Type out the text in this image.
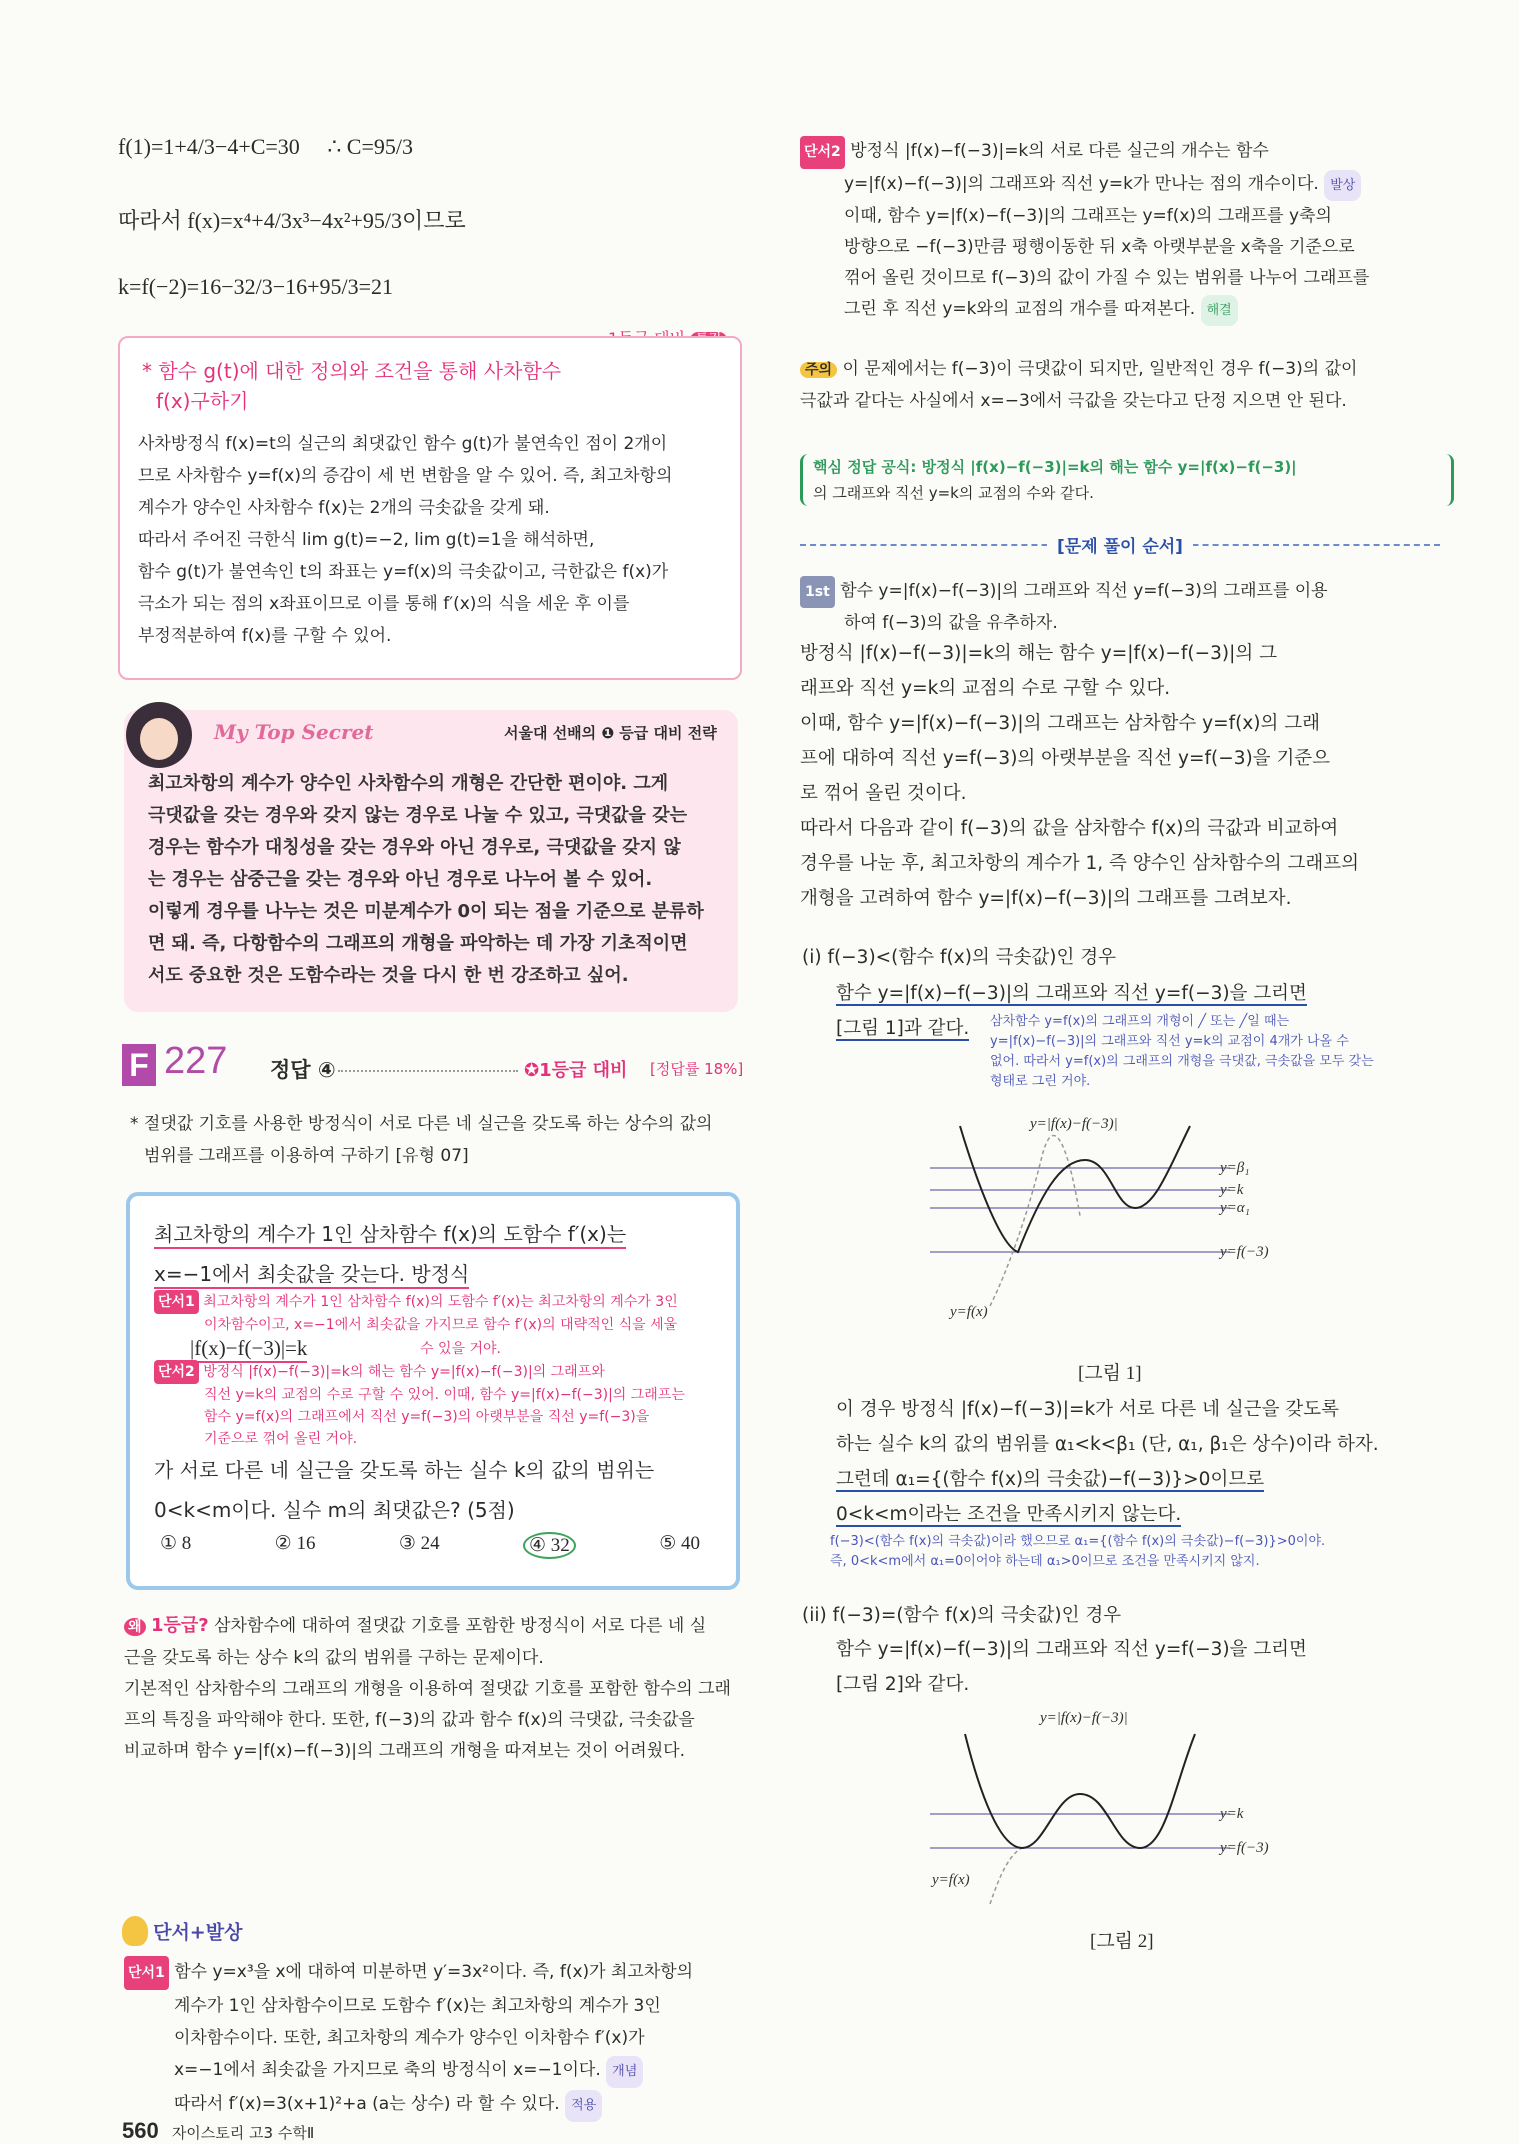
f(1)=1+4/3−4+C=30 ∴ C=95/3
따라서 f(x)=x⁴+4/3x³−4x²+95/3이므로
k=f(−2)=16−32/3−16+95/3=21
* 함수 g(t)에 대한 정의와 조건을 통해 사차함수
f(x)구하기
사차방정식 f(x)=t의 실근의 최댓값인 함수 g(t)가 불연속인 점이 2개이
므로 사차함수 y=f(x)의 증감이 세 번 변함을 알 수 있어. 즉, 최고차항의
계수가 양수인 사차함수 f(x)는 2개의 극솟값을 갖게 돼.
따라서 주어진 극한식 lim g(t)=−2, lim g(t)=1을 해석하면,
함수 g(t)가 불연속인 t의 좌표는 y=f(x)의 극솟값이고, 극한값은 f(x)가
극소가 되는 점의 x좌표이므로 이를 통해 f′(x)의 식을 세운 후 이를
부정적분하여 f(x)를 구할 수 있어.
My Top Secret	서울대 선배의 ❶ 등급 대비 전략
최고차항의 계수가 양수인 사차함수의 개형은 간단한 편이야. 그게
극댓값을 갖는 경우와 갖지 않는 경우로 나눌 수 있고, 극댓값을 갖는
경우는 함수가 대칭성을 갖는 경우와 아닌 경우로, 극댓값을 갖지 않
는 경우는 삼중근을 갖는 경우와 아닌 경우로 나누어 볼 수 있어.
이렇게 경우를 나누는 것은 미분계수가 0이 되는 점을 기준으로 분류하
면 돼. 즉, 다항함수의 그래프의 개형을 파악하는 데 가장 기초적이면
서도 중요한 것은 도함수라는 것을 다시 한 번 강조하고 싶어.
F 227 정답 ④	✪1등급 대비 [정답률 18%]
* 절댓값 기호를 사용한 방정식이 서로 다른 네 실근을 갖도록 하는 상수의 값의
범위를 그래프를 이용하여 구하기 [유형 07]
최고차항의 계수가 1인 삼차함수 f(x)의 도함수 f′(x)는
x=−1에서 최솟값을 갖는다. 방정식
단서1 최고차항의 계수가 1인 삼차함수 f(x)의 도함수 f′(x)는 최고차항의 계수가 3인
이차함수이고, x=−1에서 최솟값을 가지므로 함수 f′(x)의 대략적인 식을 세울

|f(x)−f(−3)|=k	수 있을 거야.
단서2 방정식 |f(x)−f(−3)|=k의 해는 함수 y=|f(x)−f(−3)|의 그래프와
직선 y=k의 교점의 수로 구할 수 있어. 이때, 함수 y=|f(x)−f(−3)|의 그래프는
함수 y=f(x)의 그래프에서 직선 y=f(−3)의 아랫부분을 직선 y=f(−3)을
기준으로 꺾어 올린 거야.
가 서로 다른 네 실근을 갖도록 하는 실수 k의 값의 범위는
0<k<m이다. 실수 m의 최댓값은? (5점)
① 8	② 16	③ 24	④ 32	⑤ 40
왜 1등급? 삼차함수에 대하여 절댓값 기호를 포함한 방정식이 서로 다른 네 실
근을 갖도록 하는 상수 k의 값의 범위를 구하는 문제이다.
기본적인 삼차함수의 그래프의 개형을 이용하여 절댓값 기호를 포함한 함수의 그래
프의 특징을 파악해야 한다. 또한, f(−3)의 값과 함수 f(x)의 극댓값, 극솟값을
비교하며 함수 y=|f(x)−f(−3)|의 그래프의 개형을 따져보는 것이 어려웠다.
단서+발상
단서1 함수 y=x³을 x에 대하여 미분하면 y′=3x²이다. 즉, f(x)가 최고차항의
계수가 1인 삼차함수이므로 도함수 f′(x)는 최고차항의 계수가 3인
이차함수이다. 또한, 최고차항의 계수가 양수인 이차함수 f′(x)가
x=−1에서 최솟값을 가지므로 축의 방정식이 x=−1이다. 개념
따라서 f′(x)=3(x+1)²+a (a는 상수) 라 할 수 있다. 적용
560 자이스토리 고3 수학Ⅱ
단서2 방정식 |f(x)−f(−3)|=k의 서로 다른 실근의 개수는 함수
y=|f(x)−f(−3)|의 그래프와 직선 y=k가 만나는 점의 개수이다. 발상
이때, 함수 y=|f(x)−f(−3)|의 그래프는 y=f(x)의 그래프를 y축의
방향으로 −f(−3)만큼 평행이동한 뒤 x축 아랫부분을 x축을 기준으로
꺾어 올린 것이므로 f(−3)의 값이 가질 수 있는 범위를 나누어 그래프를
그린 후 직선 y=k와의 교점의 개수를 따져본다. 해결
주의 이 문제에서는 f(−3)이 극댓값이 되지만, 일반적인 경우 f(−3)의 값이
극값과 같다는 사실에서 x=−3에서 극값을 갖는다고 단정 지으면 안 된다.
핵심 정답 공식: 방정식 |f(x)−f(−3)|=k의 해는 함수 y=|f(x)−f(−3)|
의 그래프와 직선 y=k의 교점의 수와 같다.
[문제 풀이 순서]
1st 함수 y=|f(x)−f(−3)|의 그래프와 직선 y=f(−3)의 그래프를 이용
하여 f(−3)의 값을 유추하자.
방정식 |f(x)−f(−3)|=k의 해는 함수 y=|f(x)−f(−3)|의 그
래프와 직선 y=k의 교점의 수로 구할 수 있다.
이때, 함수 y=|f(x)−f(−3)|의 그래프는 삼차함수 y=f(x)의 그래
프에 대하여 직선 y=f(−3)의 아랫부분을 직선 y=f(−3)을 기준으
로 꺾어 올린 것이다.
따라서 다음과 같이 f(−3)의 값을 삼차함수 f(x)의 극값과 비교하여
경우를 나눈 후, 최고차항의 계수가 1, 즉 양수인 삼차함수의 그래프의
개형을 고려하여 함수 y=|f(x)−f(−3)|의 그래프를 그려보자.
(i) f(−3)<(함수 f(x)의 극솟값)인 경우
함수 y=|f(x)−f(−3)|의 그래프와 직선 y=f(−3)을 그리면
[그림 1]과 같다.	삼차함수 y=f(x)의 그래프의 개형이 ╱ 또는 ╱일 때는
y=|f(x)−f(−3)|의 그래프와 직선 y=k의 교점이 4개가 나올 수
없어. 따라서 y=f(x)의 그래프의 개형을 극댓값, 극솟값을 모두 갖는
형태로 그린 거야.
y=β₁
y=k
y=α₁
y=f(−3)
y=f(x)
y=|f(x)−f(−3)|
[그림 1]
이 경우 방정식 |f(x)−f(−3)|=k가 서로 다른 네 실근을 갖도록
하는 실수 k의 값의 범위를 α₁<k<β₁ (단, α₁, β₁은 상수)이라 하자.
그런데 α₁={(함수 f(x)의 극솟값)−f(−3)}>0이므로
0<k<m이라는 조건을 만족시키지 않는다.
f(−3)<(함수 f(x)의 극솟값)이라 했으므로 α₁={(함수 f(x)의 극솟값)−f(−3)}>0이야.
즉, 0<k<m에서 α₁=0이어야 하는데 α₁>0이므로 조건을 만족시키지 않지.
(ii) f(−3)=(함수 f(x)의 극솟값)인 경우
함수 y=|f(x)−f(−3)|의 그래프와 직선 y=f(−3)을 그리면
[그림 2]와 같다.
y=k
y=f(−3)
y=f(x)
y=|f(x)−f(−3)|
[그림 2]
